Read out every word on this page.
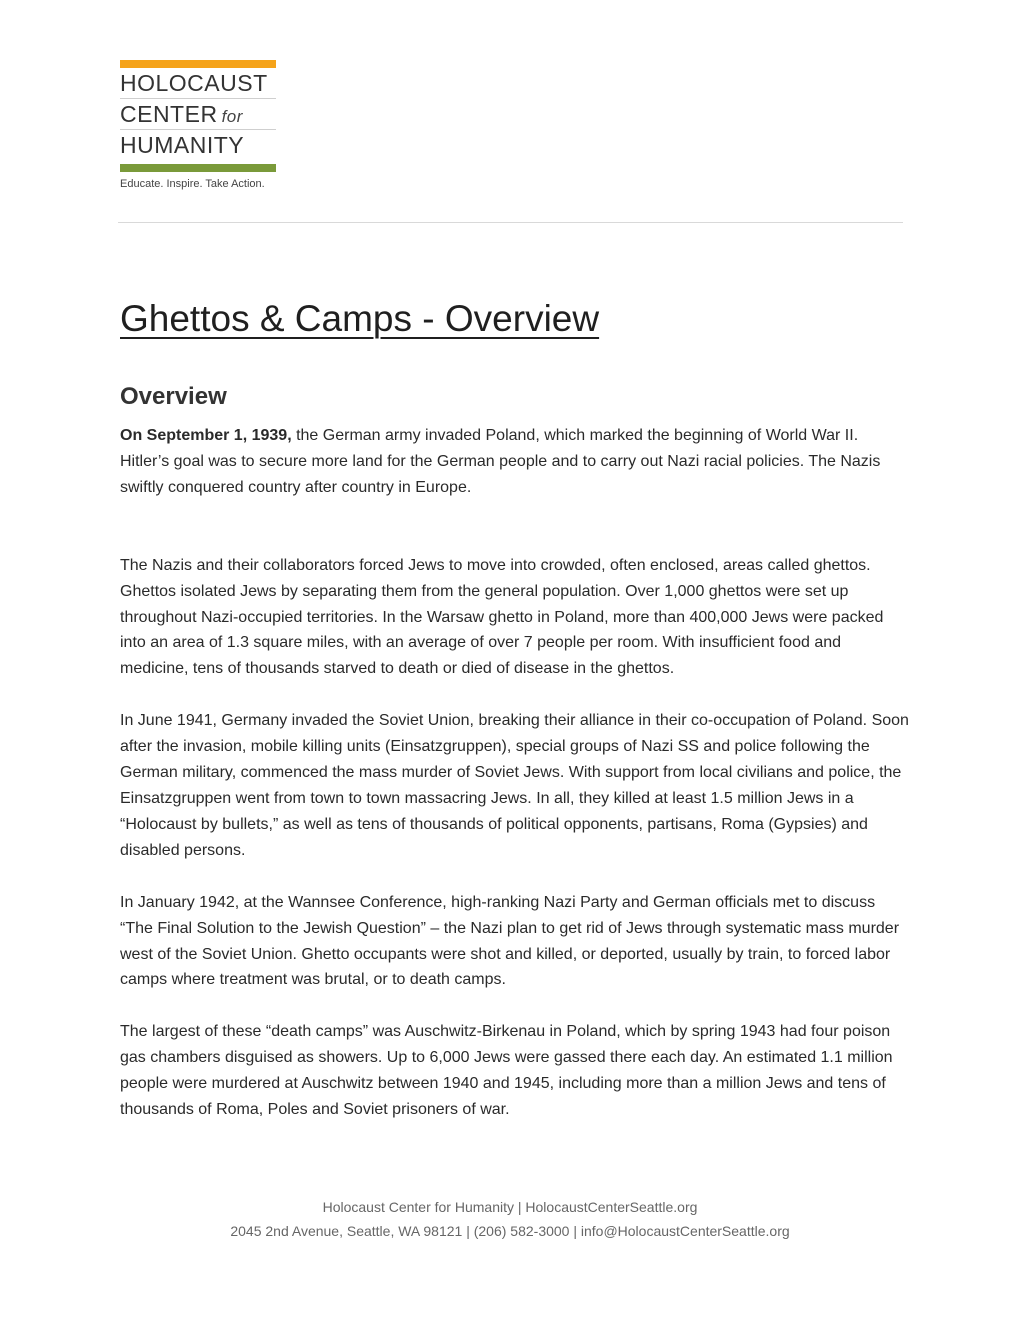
HOLOCAUST
CENTER for
HUMANITY
Educate. Inspire. Take Action.
Ghettos & Camps - Overview
Overview

On September 1, 1939, the German army invaded Poland, which marked the beginning of World War II. Hitler’s goal was to secure more land for the German people and to carry out Nazi racial policies. The Nazis swiftly conquered country after country in Europe.

The Nazis and their collaborators forced Jews to move into crowded, often enclosed, areas called ghettos. Ghettos isolated Jews by separating them from the general population. Over 1,000 ghettos were set up throughout Nazi-occupied territories. In the Warsaw ghetto in Poland, more than 400,000 Jews were packed into an area of 1.3 square miles, with an average of over 7 people per room. With insufficient food and medicine, tens of thousands starved to death or died of disease in the ghettos.

In June 1941, Germany invaded the Soviet Union, breaking their alliance in their co-occupation of Poland. Soon after the invasion, mobile killing units (Einsatzgruppen), special groups of Nazi SS and police following the German military, commenced the mass murder of Soviet Jews. With support from local civilians and police, the Einsatzgruppen went from town to town massacring Jews. In all, they killed at least 1.5 million Jews in a “Holocaust by bullets,” as well as tens of thousands of political opponents, partisans, Roma (Gypsies) and disabled persons.

In January 1942, at the Wannsee Conference, high-ranking Nazi Party and German officials met to discuss “The Final Solution to the Jewish Question” – the Nazi plan to get rid of Jews through systematic mass murder west of the Soviet Union. Ghetto occupants were shot and killed, or deported, usually by train, to forced labor camps where treatment was brutal, or to death camps.

The largest of these “death camps” was Auschwitz-Birkenau in Poland, which by spring 1943 had four poison gas chambers disguised as showers. Up to 6,000 Jews were gassed there each day. An estimated 1.1 million people were murdered at Auschwitz between 1940 and 1945, including more than a million Jews and tens of thousands of Roma, Poles and Soviet prisoners of war.

Holocaust Center for Humanity | HolocaustCenterSeattle.org
2045 2nd Avenue, Seattle, WA 98121 | (206) 582-3000 | info@HolocaustCenterSeattle.org
